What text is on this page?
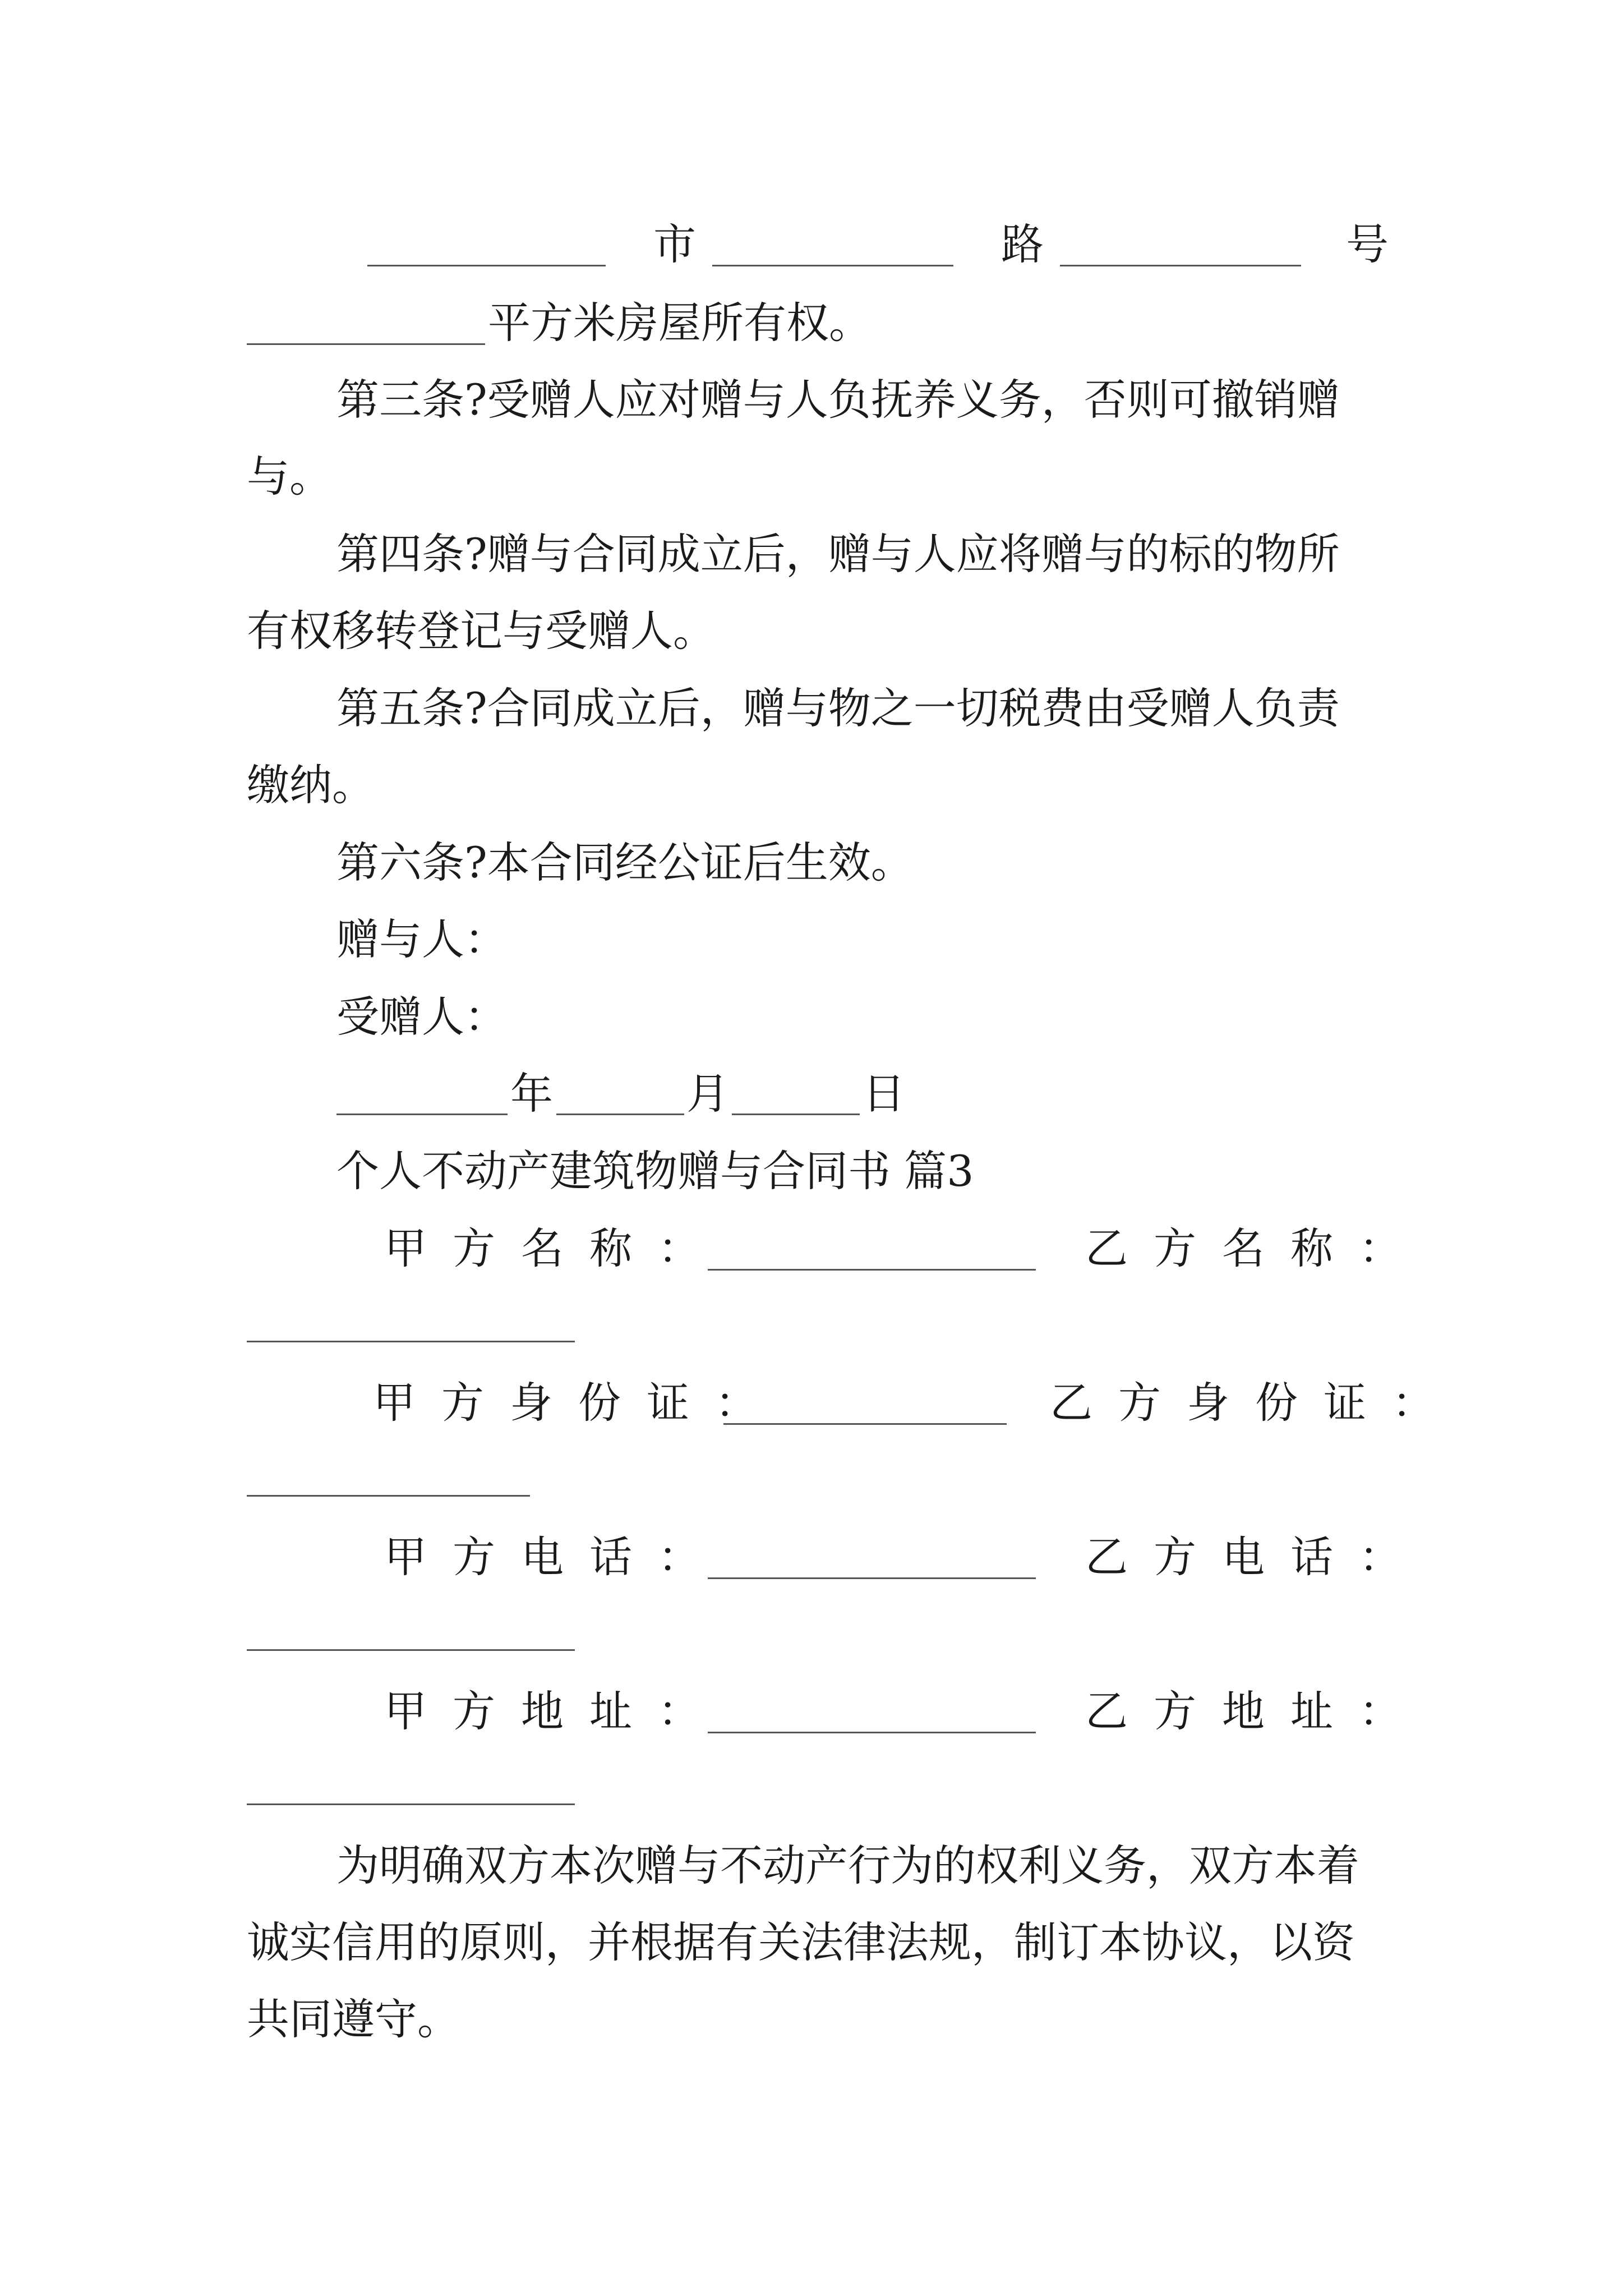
市	路	号
平方米房屋所有权。
第三条?受赠人应对赠与人负抚养义务，否则可撤销赠
与。
第四条?赠与合同成立后，赠与人应将赠与的标的物所
有权移转登记与受赠人。
第五条?合同成立后，赠与物之一切税费由受赠人负责
缴纳。
第六条?本合同经公证后生效。
赠与人：
受赠人：
年	月	日
个人不动产建筑物赠与合同书 篇3
甲方名称：	乙方名称：
甲方身份证：	乙方身份证：
甲方电话：	乙方电话：
甲方地址：	乙方地址：
为明确双方本次赠与不动产行为的权利义务，双方本着
诚实信用的原则，并根据有关法律法规，制订本协议，以资
共同遵守。
